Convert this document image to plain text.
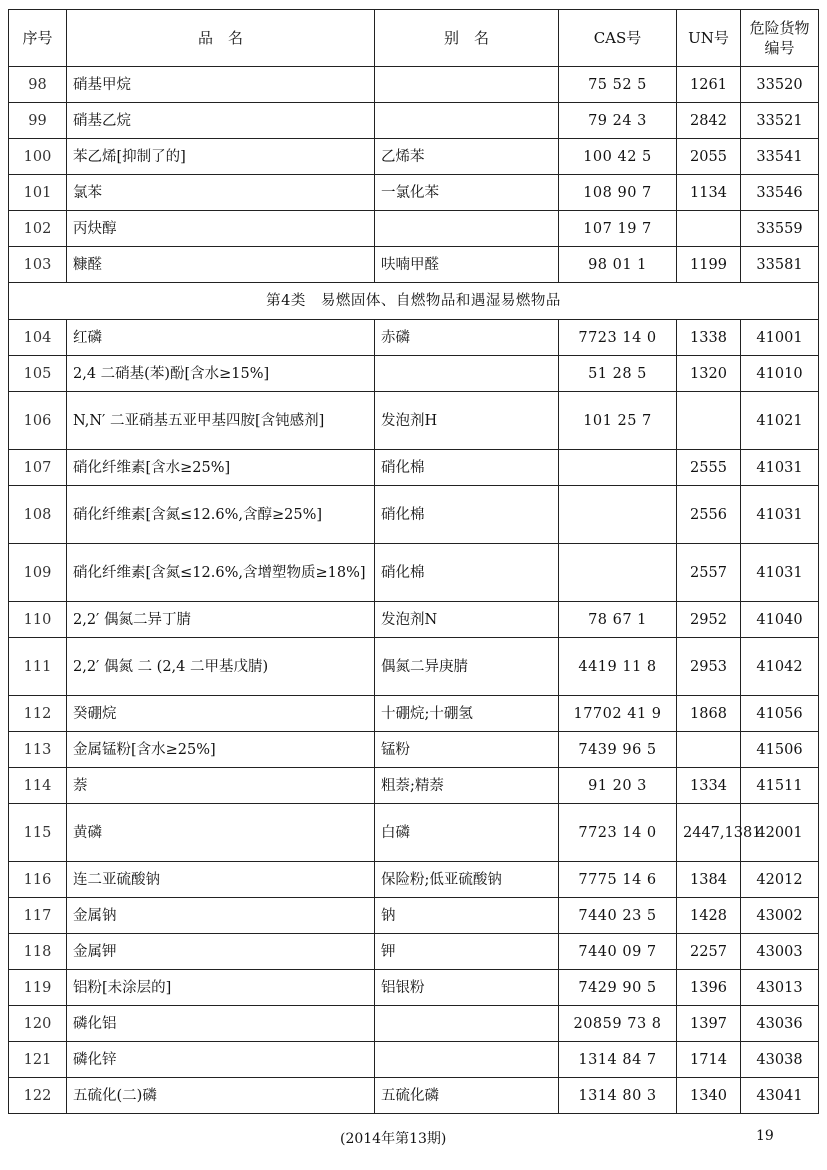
序号	品　名	别　名	CAS号	UN号	危险货物编号
98	硝基甲烷		75 52 5	1261	33520
99	硝基乙烷		79 24 3	2842	33521
100	苯乙烯[抑制了的]	乙烯苯	100 42 5	2055	33541
101	氯苯	一氯化苯	108 90 7	1134	33546
102	丙炔醇		107 19 7		33559
103	糠醛	呋喃甲醛	98 01 1	1199	33581
第4类　易燃固体、自燃物品和遇湿易燃物品					
104	红磷	赤磷	7723 14 0	1338	41001
105	2,4 二硝基(苯)酚[含水≥15%]		51 28 5	1320	41010
106	N,N′ 二亚硝基五亚甲基四胺[含钝感剂]	发泡剂H	101 25 7		41021
107	硝化纤维素[含水≥25%]	硝化棉		2555	41031
108	硝化纤维素[含氮≤12.6%,含醇≥25%]	硝化棉		2556	41031
109	硝化纤维素[含氮≤12.6%,含增塑物质≥18%]	硝化棉		2557	41031
110	2,2′ 偶氮二异丁腈	发泡剂N	78 67 1	2952	41040
111	2,2′ 偶氮 二 (2,4 二甲基戊腈)	偶氮二异庚腈	4419 11 8	2953	41042
112	癸硼烷	十硼烷;十硼氢	17702 41 9	1868	41056
113	金属锰粉[含水≥25%]	锰粉	7439 96 5		41506
114	萘	粗萘;精萘	91 20 3	1334	41511
115	黄磷	白磷	7723 14 0	2447,1381	42001
116	连二亚硫酸钠	保险粉;低亚硫酸钠	7775 14 6	1384	42012
117	金属钠	钠	7440 23 5	1428	43002
118	金属钾	钾	7440 09 7	2257	43003
119	铝粉[未涂层的]	铝银粉	7429 90 5	1396	43013
120	磷化铝		20859 73 8	1397	43036
121	磷化锌		1314 84 7	1714	43038
122	五硫化(二)磷	五硫化磷	1314 80 3	1340	43041
(2014年第13期)	19
